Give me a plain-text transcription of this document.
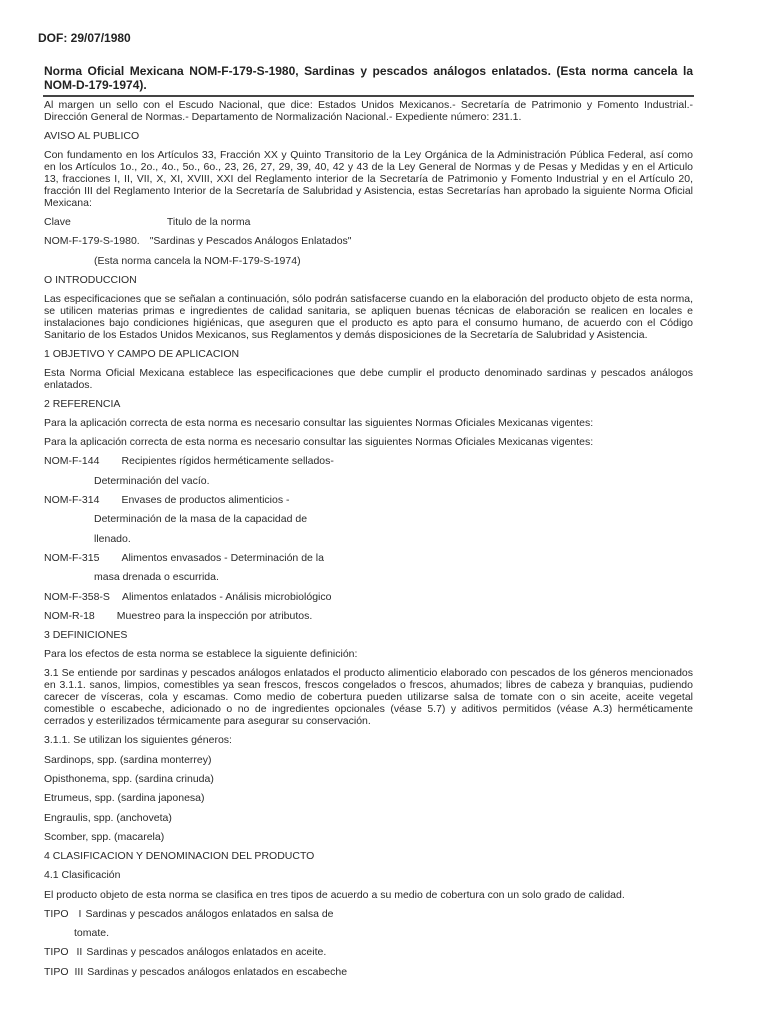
DOF: 29/07/1980
Norma Oficial Mexicana NOM-F-179-S-1980, Sardinas y pescados análogos enlatados. (Esta norma cancela la NOM-D-179-1974).

Al margen un sello con el Escudo Nacional, que dice: Estados Unidos Mexicanos.- Secretaría de Patrimonio y Fomento Industrial.- Dirección General de Normas.- Departamento de Normalización Nacional.- Expediente número: 231.1.

AVISO AL PUBLICO

Con fundamento en los Artículos 33, Fracción XX y Quinto Transitorio de la Ley Orgánica de la Administración Pública Federal, así como en los Artículos 1o., 2o., 4o., 5o., 6o., 23, 26, 27, 29, 39, 40, 42 y 43 de la Ley General de Normas y de Pesas y Medidas y en el Articulo 13, fracciones I, II, VII, X, XI, XVIII, XXI del Reglamento interior de la Secretaría de Patrimonio y Fomento Industrial y en el Artículo 20, fracción III del Reglamento Interior de la Secretaría de Salubridad y Asistencia, estas Secretarías han aprobado la siguiente Norma Oficial Mexicana:

Clave	Titulo de la norma

NOM-F-179-S-1980. "Sardinas y Pescados Análogos Enlatados"

(Esta norma cancela la NOM-F-179-S-1974)

O INTRODUCCION

Las especificaciones que se señalan a continuación, sólo podrán satisfacerse cuando en la elaboración del producto objeto de esta norma, se utilicen materias primas e ingredientes de calidad sanitaria, se apliquen buenas técnicas de elaboración se realicen en locales e instalaciones bajo condiciones higiénicas, que aseguren que el producto es apto para el consumo humano, de acuerdo con el Código Sanitario de los Estados Unidos Mexicanos, sus Reglamentos y demás disposiciones de la Secretaría de Salubridad y Asistencia.

1 OBJETIVO Y CAMPO DE APLICACION

Esta Norma Oficial Mexicana establece las especificaciones que debe cumplir el producto denominado sardinas y pescados análogos enlatados.

2 REFERENCIA

Para la aplicación correcta de esta norma es necesario consultar las siguientes Normas Oficiales Mexicanas vigentes:

Para la aplicación correcta de esta norma es necesario consultar las siguientes Normas Oficiales Mexicanas vigentes:

NOM-F-144 Recipientes rígidos herméticamente sellados-

Determinación del vacío.

NOM-F-314 Envases de productos alimenticios -

Determinación de la masa de la capacidad de

llenado.

NOM-F-315 Alimentos envasados - Determinación de la

masa drenada o escurrida.

NOM-F-358-S Alimentos enlatados - Análisis microbiológico

NOM-R-18 Muestreo para la inspección por atributos.

3 DEFINICIONES

Para los efectos de esta norma se establece la siguiente definición:

3.1 Se entiende por sardinas y pescados análogos enlatados el producto alimenticio elaborado con pescados de los géneros mencionados en 3.1.1. sanos, limpios, comestibles ya sean frescos, frescos congelados o frescos, ahumados; libres de cabeza y branquias, pudiendo carecer de vísceras, cola y escamas. Como medio de cobertura pueden utilizarse salsa de tomate con o sin aceite, aceite vegetal comestible o escabeche, adicionado o no de ingredientes opcionales (véase 5.7) y aditivos permitidos (véase A.3) herméticamente cerrados y esterilizados térmicamente para asegurar su conservación.

3.1.1. Se utilizan los siguientes géneros:

Sardinops, spp. (sardina monterrey)

Opisthonema, spp. (sardina crinuda)

Etrumeus, spp. (sardina japonesa)

Engraulis, spp. (anchoveta)

Scomber, spp. (macarela)

4 CLASIFICACION Y DENOMINACION DEL PRODUCTO

4.1 Clasificación

El producto objeto de esta norma se clasifica en tres tipos de acuerdo a su medio de cobertura con un solo grado de calidad.

TIPO I Sardinas y pescados análogos enlatados en salsa de

tomate.

TIPO II Sardinas y pescados análogos enlatados en aceite.

TIPO III Sardinas y pescados análogos enlatados en escabeche
